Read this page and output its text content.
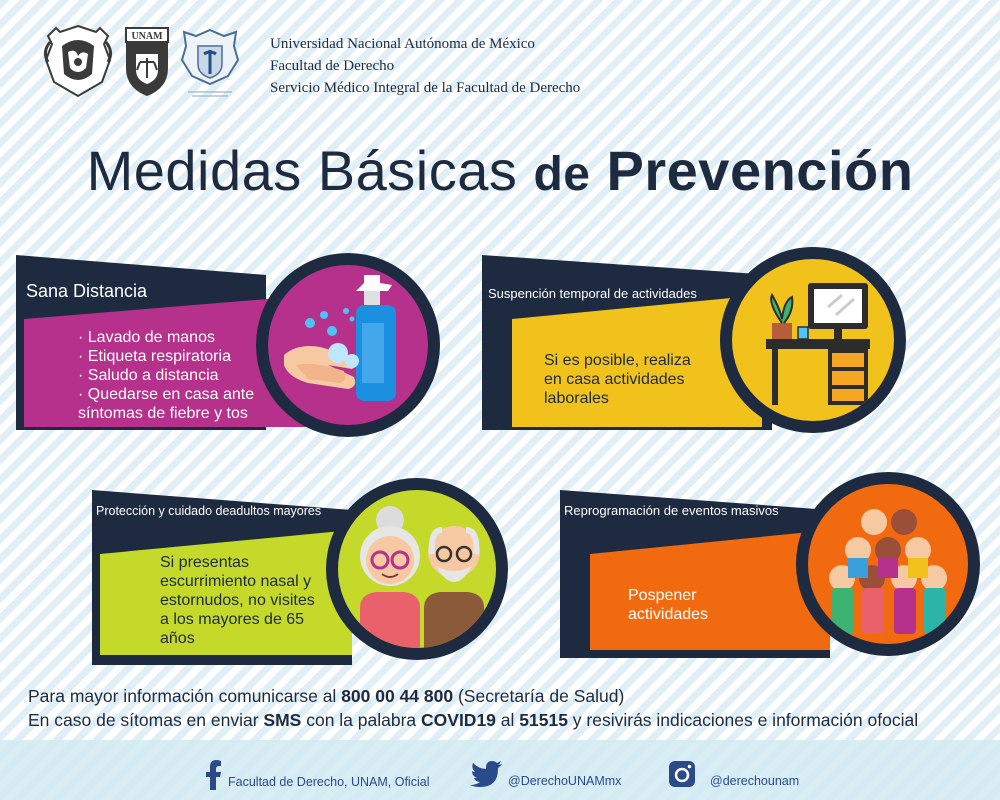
UNAM	Universidad Nacional Autónoma de México
Facultad de Derecho
Servicio Médico Integral de la Facultad de Derecho
Medidas Básicas de Prevención
Sana Distancia
· Lavado de manos
· Etiqueta respiratoria
· Saludo a distancia
· Quedarse en casa ante
síntomas de fiebre y tos
Suspención temporal de actividades
Si es posible, realiza
en casa actividades
laborales
Protección y cuidado deadultos mayores
Si presentas
escurrimiento nasal y
estornudos, no visites
a los mayores de 65
años
Reprogramación de eventos masivos
Pospener
actividades
Para mayor información comunicarse al 800 00 44 800 (Secretaría de Salud)
En caso de sítomas en enviar SMS con la palabra COVID19 al 51515 y resivirás indicaciones e información ofocial
Facultad de Derecho, UNAM, Oficial	@DerechoUNAMmx	@derechounam
